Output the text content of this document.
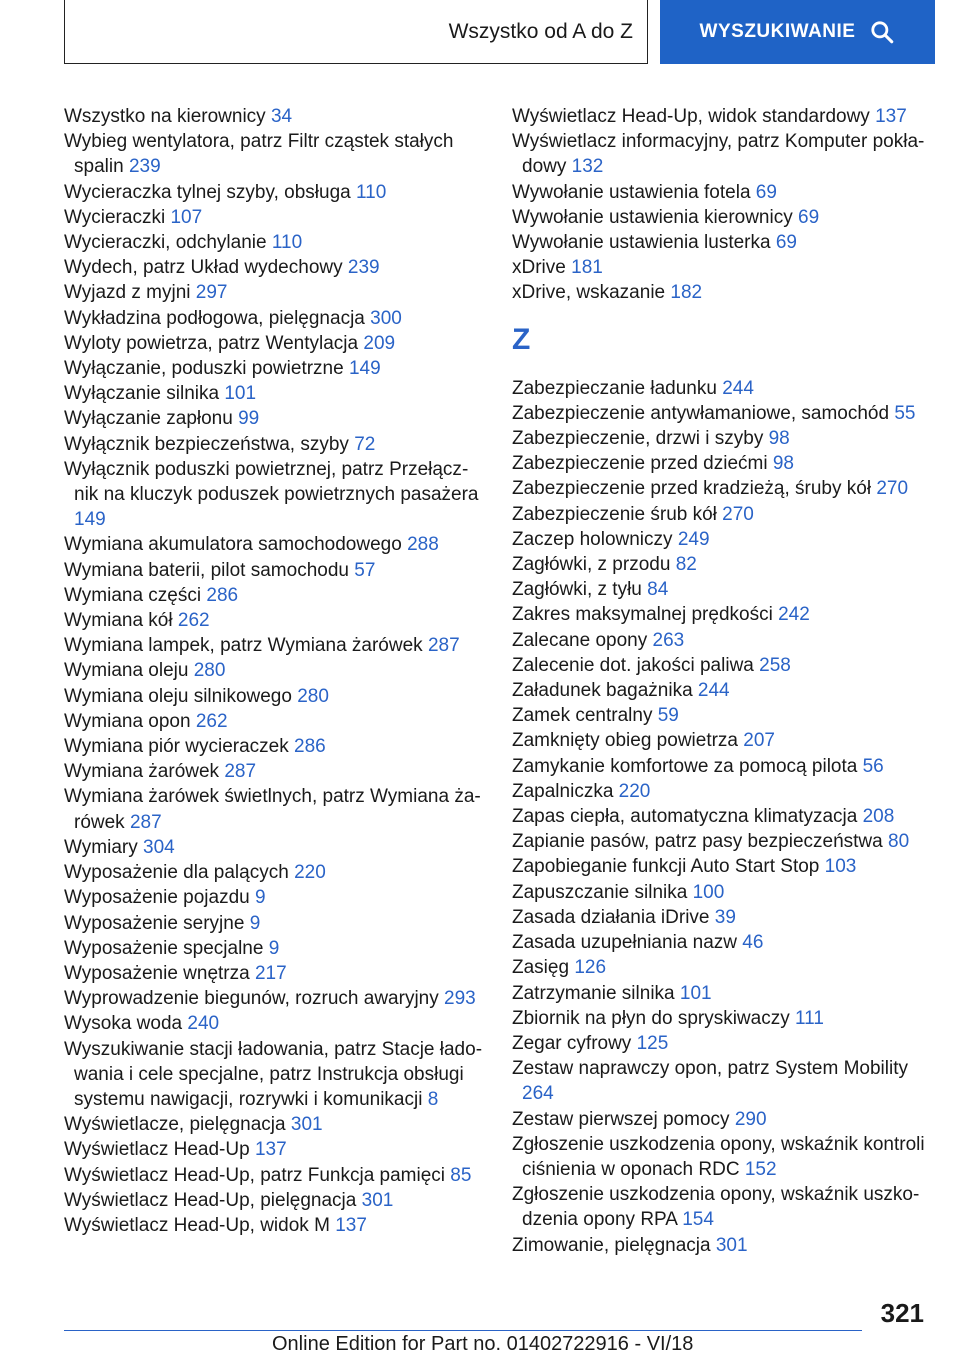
Wszystko od A do Z	WYSZUKIWANIE
Wszystko na kierownicy 34
Wybieg wentylatora, patrz Filtr cząstek stałych spalin 239
Wycieraczka tylnej szyby, obsługa 110
Wycieraczki 107
Wycieraczki, odchylanie 110
Wydech, patrz Układ wydechowy 239
Wyjazd z myjni 297
Wykładzina podłogowa, pielęgnacja 300
Wyloty powietrza, patrz Wentylacja 209
Wyłączanie, poduszki powietrzne 149
Wyłączanie silnika 101
Wyłączanie zapłonu 99
Wyłącznik bezpieczeństwa, szyby 72
Wyłącznik poduszki powietrznej, patrz Przełącznik na kluczyk poduszek powietrznych pasażera 149
Wymiana akumulatora samochodowego 288
Wymiana baterii, pilot samochodu 57
Wymiana części 286
Wymiana kół 262
Wymiana lampek, patrz Wymiana żarówek 287
Wymiana oleju 280
Wymiana oleju silnikowego 280
Wymiana opon 262
Wymiana piór wycieraczek 286
Wymiana żarówek 287
Wymiana żarówek świetlnych, patrz Wymiana żarówek 287
Wymiary 304
Wyposażenie dla palących 220
Wyposażenie pojazdu 9
Wyposażenie seryjne 9
Wyposażenie specjalne 9
Wyposażenie wnętrza 217
Wyprowadzenie biegunów, rozruch awaryjny 293
Wysoka woda 240
Wyszukiwanie stacji ładowania, patrz Stacje ładowania i cele specjalne, patrz Instrukcja obsługi systemu nawigacji, rozrywki i komunikacji 8
Wyświetlacze, pielęgnacja 301
Wyświetlacz Head-Up 137
Wyświetlacz Head-Up, patrz Funkcja pamięci 85
Wyświetlacz Head-Up, pielęgnacja 301
Wyświetlacz Head-Up, widok M 137
Wyświetlacz Head-Up, widok standardowy 137
Wyświetlacz informacyjny, patrz Komputer pokładowy 132
Wywołanie ustawienia fotela 69
Wywołanie ustawienia kierownicy 69
Wywołanie ustawienia lusterka 69
xDrive 181
xDrive, wskazanie 182
Z
Zabezpieczanie ładunku 244
Zabezpieczenie antywłamaniowe, samochód 55
Zabezpieczenie, drzwi i szyby 98
Zabezpieczenie przed dziećmi 98
Zabezpieczenie przed kradzieżą, śruby kół 270
Zabezpieczenie śrub kół 270
Zaczep holowniczy 249
Zagłówki, z przodu 82
Zagłówki, z tyłu 84
Zakres maksymalnej prędkości 242
Zalecane opony 263
Zalecenie dot. jakości paliwa 258
Załadunek bagażnika 244
Zamek centralny 59
Zamknięty obieg powietrza 207
Zamykanie komfortowe za pomocą pilota 56
Zapalniczka 220
Zapas ciepła, automatyczna klimatyzacja 208
Zapianie pasów, patrz pasy bezpieczeństwa 80
Zapobieganie funkcji Auto Start Stop 103
Zapuszczanie silnika 100
Zasada działania iDrive 39
Zasada uzupełniania nazw 46
Zasięg 126
Zatrzymanie silnika 101
Zbiornik na płyn do spryskiwaczy 111
Zegar cyfrowy 125
Zestaw naprawczy opon, patrz System Mobility 264
Zestaw pierwszej pomocy 290
Zgłoszenie uszkodzenia opony, wskaźnik kontroli ciśnienia w oponach RDC 152
Zgłoszenie uszkodzenia opony, wskaźnik uszkodzenia opony RPA 154
Zimowanie, pielęgnacja 301
321
Online Edition for Part no. 01402722916 - VI/18
